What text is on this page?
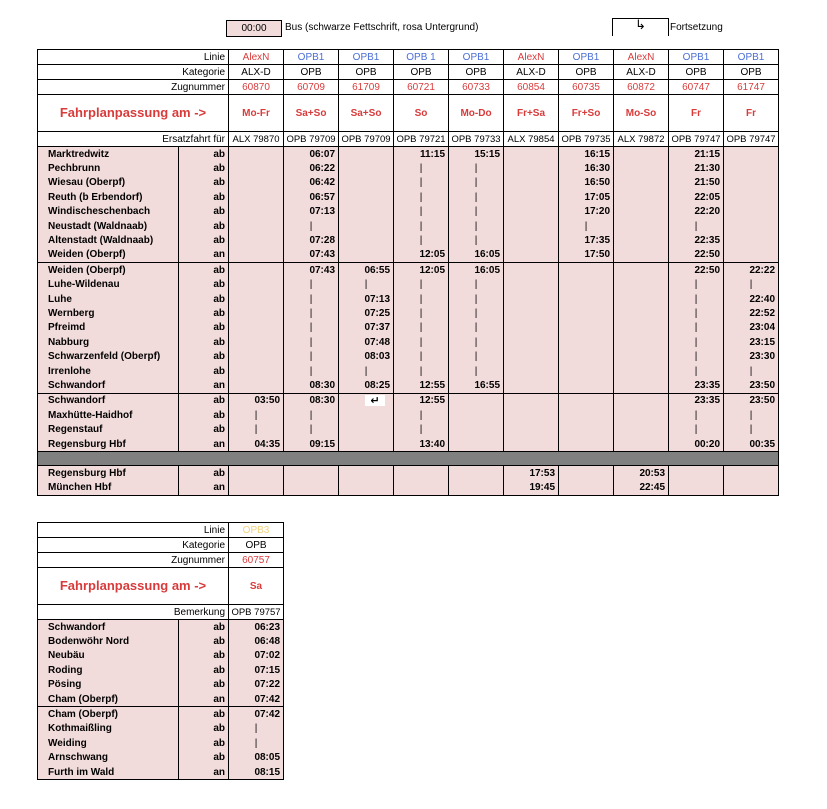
00:00	Bus (schwarze Fettschrift, rosa Untergrund)	↳	Fortsetzung
Linie		AlexN	OPB1	OPB1	OPB 1	OPB1	AlexN	OPB1	AlexN	OPB1	OPB1
Kategorie		ALX-D	OPB	OPB	OPB	OPB	ALX-D	OPB	ALX-D	OPB	OPB
Zugnummer		60870	60709	61709	60721	60733	60854	60735	60872	60747	61747
Fahrplanpassung am ->		Mo-Fr	Sa+So	Sa+So	So	Mo-Do	Fr+Sa	Fr+So	Mo-So	Fr	Fr
Ersatzfahrt für		ALX 79870	OPB 79709	OPB 79709	OPB 79721	OPB 79733	ALX 79854	OPB 79735	ALX 79872	OPB 79747	OPB 79747
Marktredwitz	ab		06:07		11:15	15:15		16:15		21:15	
Pechbrunn	ab		06:22		|	|		16:30		21:30	
Wiesau (Oberpf)	ab		06:42		|	|		16:50		21:50	
Reuth (b Erbendorf)	ab		06:57		|	|		17:05		22:05	
Windischeschenbach	ab		07:13		|	|		17:20		22:20	
Neustadt (Waldnaab)	ab		|		|	|		|		|	
Altenstadt (Waldnaab)	ab		07:28		|	|		17:35		22:35	
Weiden (Oberpf)	an		07:43		12:05	16:05		17:50		22:50	
Weiden (Oberpf)	ab		07:43	06:55	12:05	16:05				22:50	22:22
Luhe-Wildenau	ab		|	|	|	|				|	|
Luhe	ab		|	07:13	|	|				|	22:40
Wernberg	ab		|	07:25	|	|				|	22:52
Pfreimd	ab		|	07:37	|	|				|	23:04
Nabburg	ab		|	07:48	|	|				|	23:15
Schwarzenfeld (Oberpf)	ab		|	08:03	|	|				|	23:30
Irrenlohe	ab		|	|	|	|				|	|
Schwandorf	an		08:30	08:25	12:55	16:55				23:35	23:50
Schwandorf	ab	03:50	08:30	↵	12:55					23:35	23:50
Maxhütte-Haidhof	ab	|	|		|					|	|
Regenstauf	ab	|	|		|					|	|
Regensburg Hbf	an	04:35	09:15		13:40					00:20	00:35

Regensburg Hbf	ab						17:53		20:53		
München Hbf	an						19:45		22:45		
Linie		OPB3
Kategorie		OPB
Zugnummer		60757
Fahrplanpassung am ->		Sa
Bemerkung		OPB 79757
Schwandorf	ab	06:23
Bodenwöhr Nord	ab	06:48
Neubäu	ab	07:02
Roding	ab	07:15
Pösing	ab	07:22
Cham (Oberpf)	an	07:42
Cham (Oberpf)	ab	07:42
Kothmaißling	ab	|
Weiding	ab	|
Arnschwang	ab	08:05
Furth im Wald	an	08:15
